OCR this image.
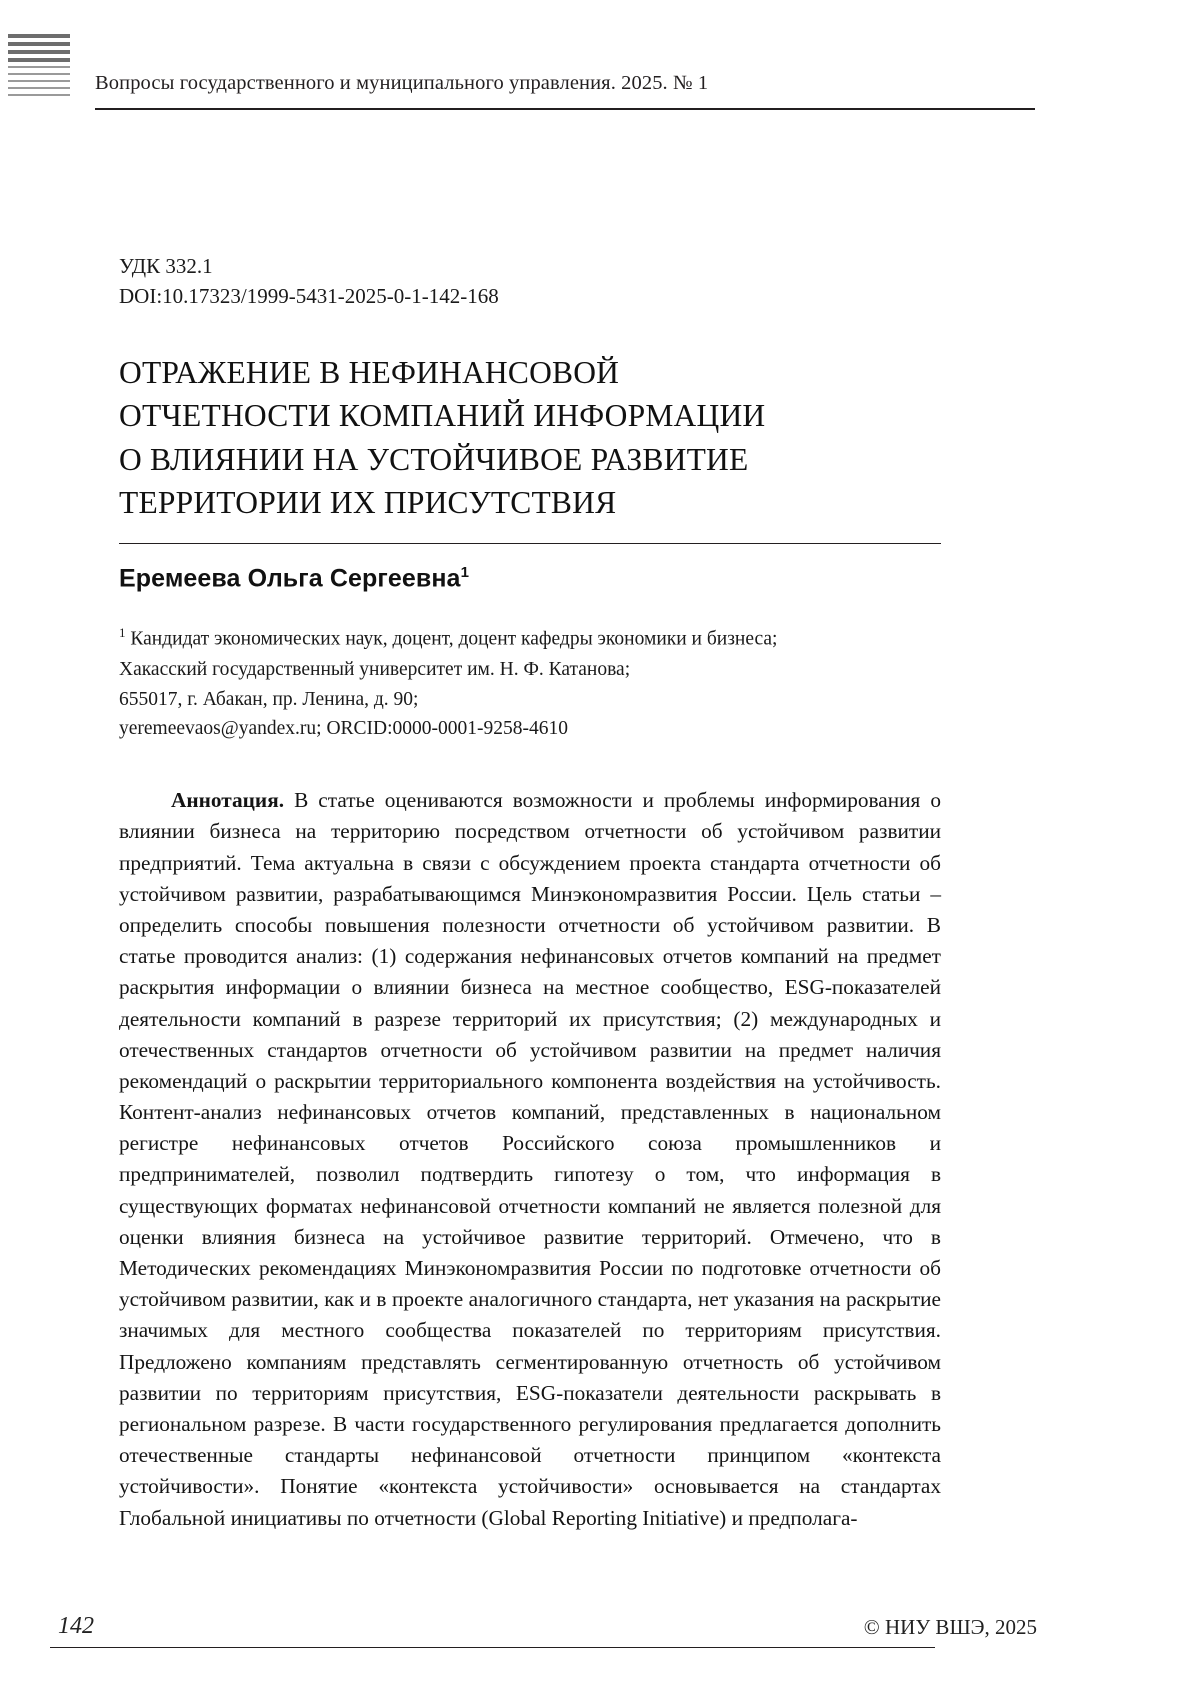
Вопросы государственного и муниципального управления. 2025. № 1
УДК 332.1
DOI:10.17323/1999-5431-2025-0-1-142-168
ОТРАЖЕНИЕ В НЕФИНАНСОВОЙ
ОТЧЕТНОСТИ КОМПАНИЙ ИНФОРМАЦИИ
О ВЛИЯНИИ НА УСТОЙЧИВОЕ РАЗВИТИЕ
ТЕРРИТОРИИ ИХ ПРИСУТСТВИЯ
Еремеева Ольга Сергеевна$^1$
$^1$ Кандидат экономических наук, доцент, доцент кафедры экономики и бизнеса;
Хакасский государственный университет им. Н. Ф. Катанова;
655017, г. Абакан, пр. Ленина, д. 90;
yeremeevaos@yandex.ru; ORCID:0000-0001-9258-4610
Аннотация. В статье оцениваются возможности и проблемы информирования о влиянии бизнеса на территорию посредством отчетности об устойчивом развитии предприятий. Тема актуальна в связи с обсуждением проекта стандарта отчетности об устойчивом развитии, разрабатывающимся Минэкономразвития России. Цель статьи – определить способы повышения полезности отчетности об устойчивом развитии. В статье проводится анализ: (1) содержания нефинансовых отчетов компаний на предмет раскрытия информации о влиянии бизнеса на местное сообщество, ESG-показателей деятельности компаний в разрезе территорий их присутствия; (2) международных и отечественных стандартов отчетности об устойчивом развитии на предмет наличия рекомендаций о раскрытии территориального компонента воздействия на устойчивость. Контент-анализ нефинансовых отчетов компаний, представленных в национальном регистре нефинансовых отчетов Российского союза промышленников и предпринимателей, позволил подтвердить гипотезу о том, что информация в существующих форматах нефинансовой отчетности компаний не является полезной для оценки влияния бизнеса на устойчивое развитие территорий. Отмечено, что в Методических рекомендациях Минэкономразвития России по подготовке отчетности об устойчивом развитии, как и в проекте аналогичного стандарта, нет указания на раскрытие значимых для местного сообщества показателей по территориям присутствия. Предложено компаниям представлять сегментированную отчетность об устойчивом развитии по территориям присутствия, ESG-показатели деятельности раскрывать в региональном разрезе. В части государственного регулирования предлагается дополнить отечественные стандарты нефинансовой отчетности принципом «контекста устойчивости». Понятие «контекста устойчивости» основывается на стандартах Глобальной инициативы по отчетности (Global Reporting Initiative) и предполага-
142	© НИУ ВШЭ, 2025
